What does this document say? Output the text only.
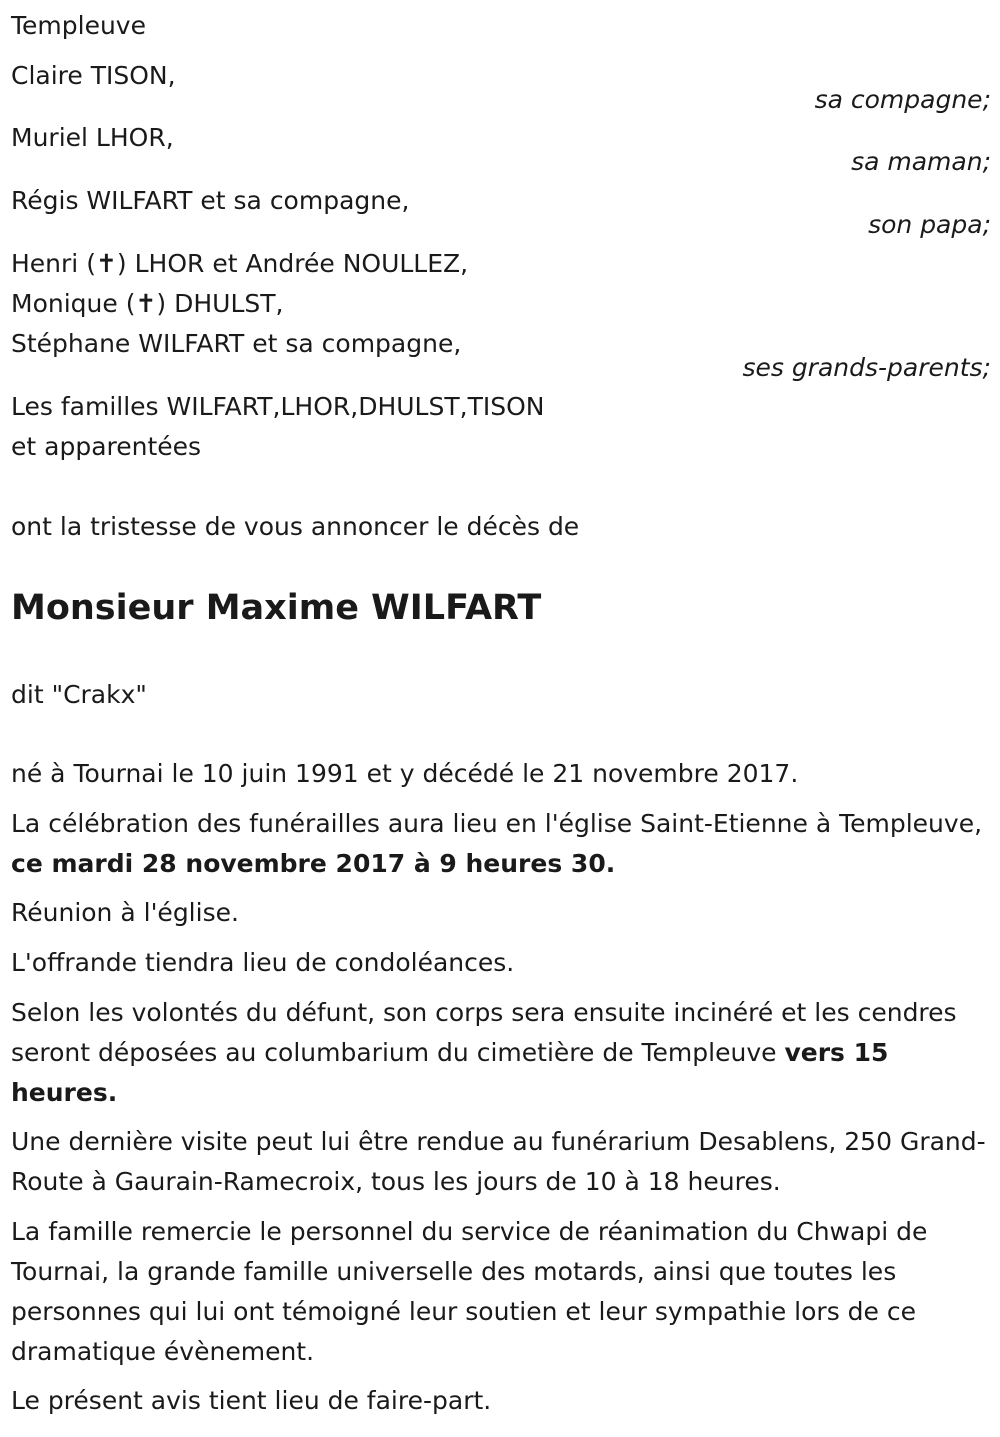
Templeuve
Claire TISON,
sa compagne;
Muriel LHOR,
sa maman;
Régis WILFART et sa compagne,
son papa;
Henri (✝) LHOR et Andrée NOULLEZ,
Monique (✝) DHULST,
Stéphane WILFART et sa compagne,
ses grands-parents;
Les familles WILFART,LHOR,DHULST,TISON
et apparentées
ont la tristesse de vous annoncer le décès de
Monsieur Maxime WILFART
dit "Crakx"
né à Tournai le 10 juin 1991 et y décédé le 21 novembre 2017.
La célébration des funérailles aura lieu en l'église Saint-Etienne à Templeuve, ce mardi 28 novembre 2017 à 9 heures 30.
Réunion à l'église.
L'offrande tiendra lieu de condoléances.
Selon les volontés du défunt, son corps sera ensuite incinéré et les cendres seront déposées au columbarium du cimetière de Templeuve vers 15 heures.
Une dernière visite peut lui être rendue au funérarium Desablens, 250 Grand-Route à Gaurain-Ramecroix, tous les jours de 10 à 18 heures.
La famille remercie le personnel du service de réanimation du Chwapi de Tournai, la grande famille universelle des motards, ainsi que toutes les personnes qui lui ont témoigné leur soutien et leur sympathie lors de ce dramatique évènement.
Le présent avis tient lieu de faire-part.
